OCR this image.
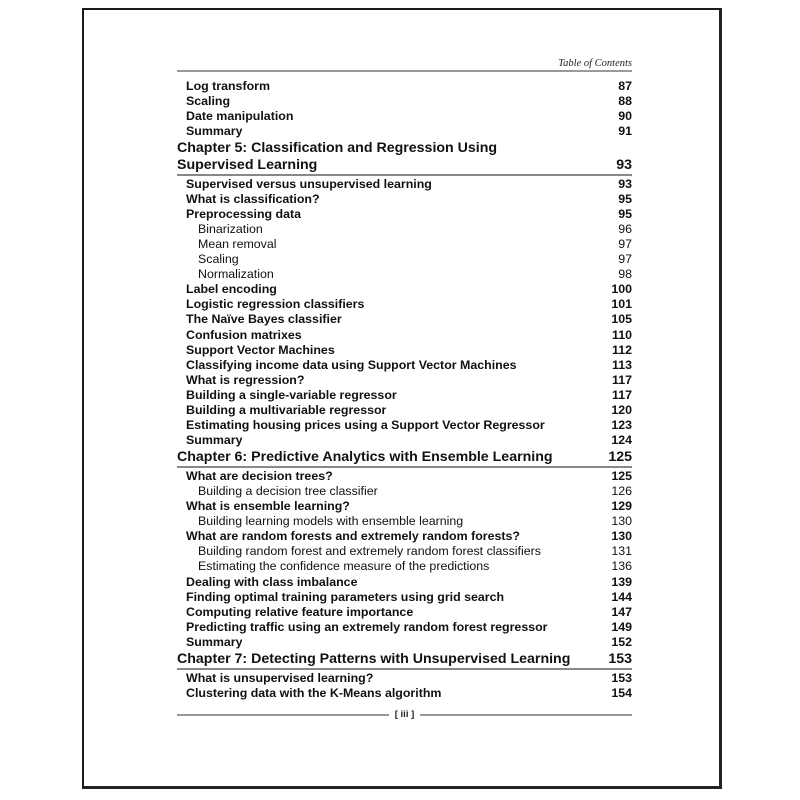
Table of Contents
Log transform	87
Scaling	88
Date manipulation	90
Summary	91
Chapter 5: Classification and Regression Using
Supervised Learning	93
Supervised versus unsupervised learning	93
What is classification?	95
Preprocessing data	95
Binarization	96
Mean removal	97
Scaling	97
Normalization	98
Label encoding	100
Logistic regression classifiers	101
The Naïve Bayes classifier	105
Confusion matrixes	110
Support Vector Machines	112
Classifying income data using Support Vector Machines	113
What is regression?	117
Building a single-variable regressor	117
Building a multivariable regressor	120
Estimating housing prices using a Support Vector Regressor	123
Summary	124
Chapter 6: Predictive Analytics with Ensemble Learning	125
What are decision trees?	125
Building a decision tree classifier	126
What is ensemble learning?	129
Building learning models with ensemble learning	130
What are random forests and extremely random forests?	130
Building random forest and extremely random forest classifiers	131
Estimating the confidence measure of the predictions	136
Dealing with class imbalance	139
Finding optimal training parameters using grid search	144
Computing relative feature importance	147
Predicting traffic using an extremely random forest regressor	149
Summary	152
Chapter 7: Detecting Patterns with Unsupervised Learning	153
What is unsupervised learning?	153
Clustering data with the K-Means algorithm	154
[ iii ]
